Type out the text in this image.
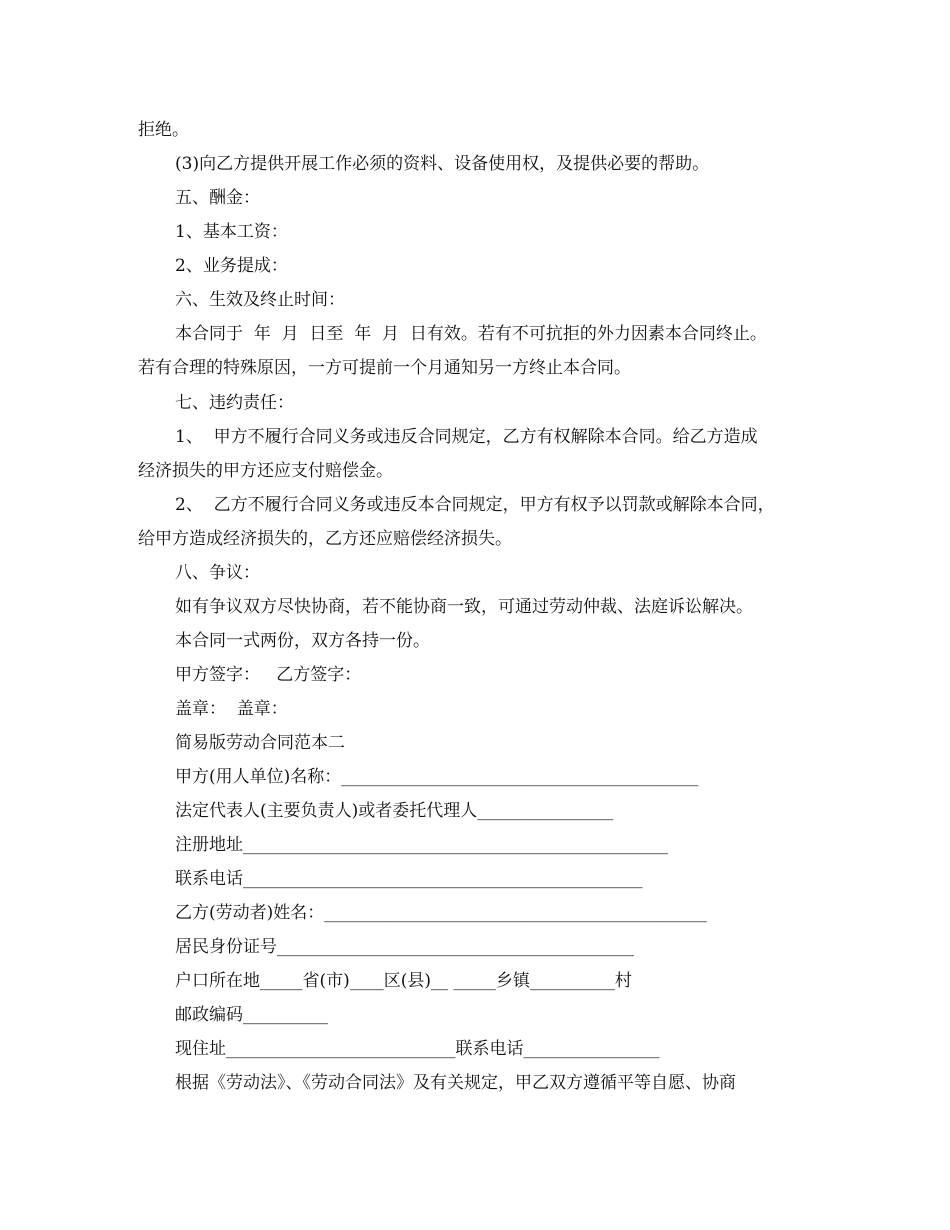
拒绝。
(3)向乙方提供开展工作必须的资料、设备使用权，及提供必要的帮助。
五、酬金：
1、基本工资：
2、业务提成：
六、生效及终止时间：
本合同于  年  月  日至  年  月  日有效。若有不可抗拒的外力因素本合同终止。
若有合理的特殊原因，一方可提前一个月通知另一方终止本合同。
七、违约责任：
1、  甲方不履行合同义务或违反合同规定，乙方有权解除本合同。给乙方造成
经济损失的甲方还应支付赔偿金。
2、  乙方不履行合同义务或违反本合同规定，甲方有权予以罚款或解除本合同，
给甲方造成经济损失的，乙方还应赔偿经济损失。
八、争议：
如有争议双方尽快协商，若不能协商一致，可通过劳动仲裁、法庭诉讼解决。
本合同一式两份，双方各持一份。
甲方签字：   乙方签字：
盖章：  盖章：
简易版劳动合同范本二
甲方(用人单位)名称：__________________________________________
法定代表人(主要负责人)或者委托代理人________________
注册地址__________________________________________________
联系电话_______________________________________________
乙方(劳动者)姓名：_____________________________________________
居民身份证号__________________________________________
户口所在地_____省(市)____区(县)__ _____乡镇__________村
邮政编码__________
现住址___________________________联系电话________________
根据《劳动法》、《劳动合同法》及有关规定，甲乙双方遵循平等自愿、协商
